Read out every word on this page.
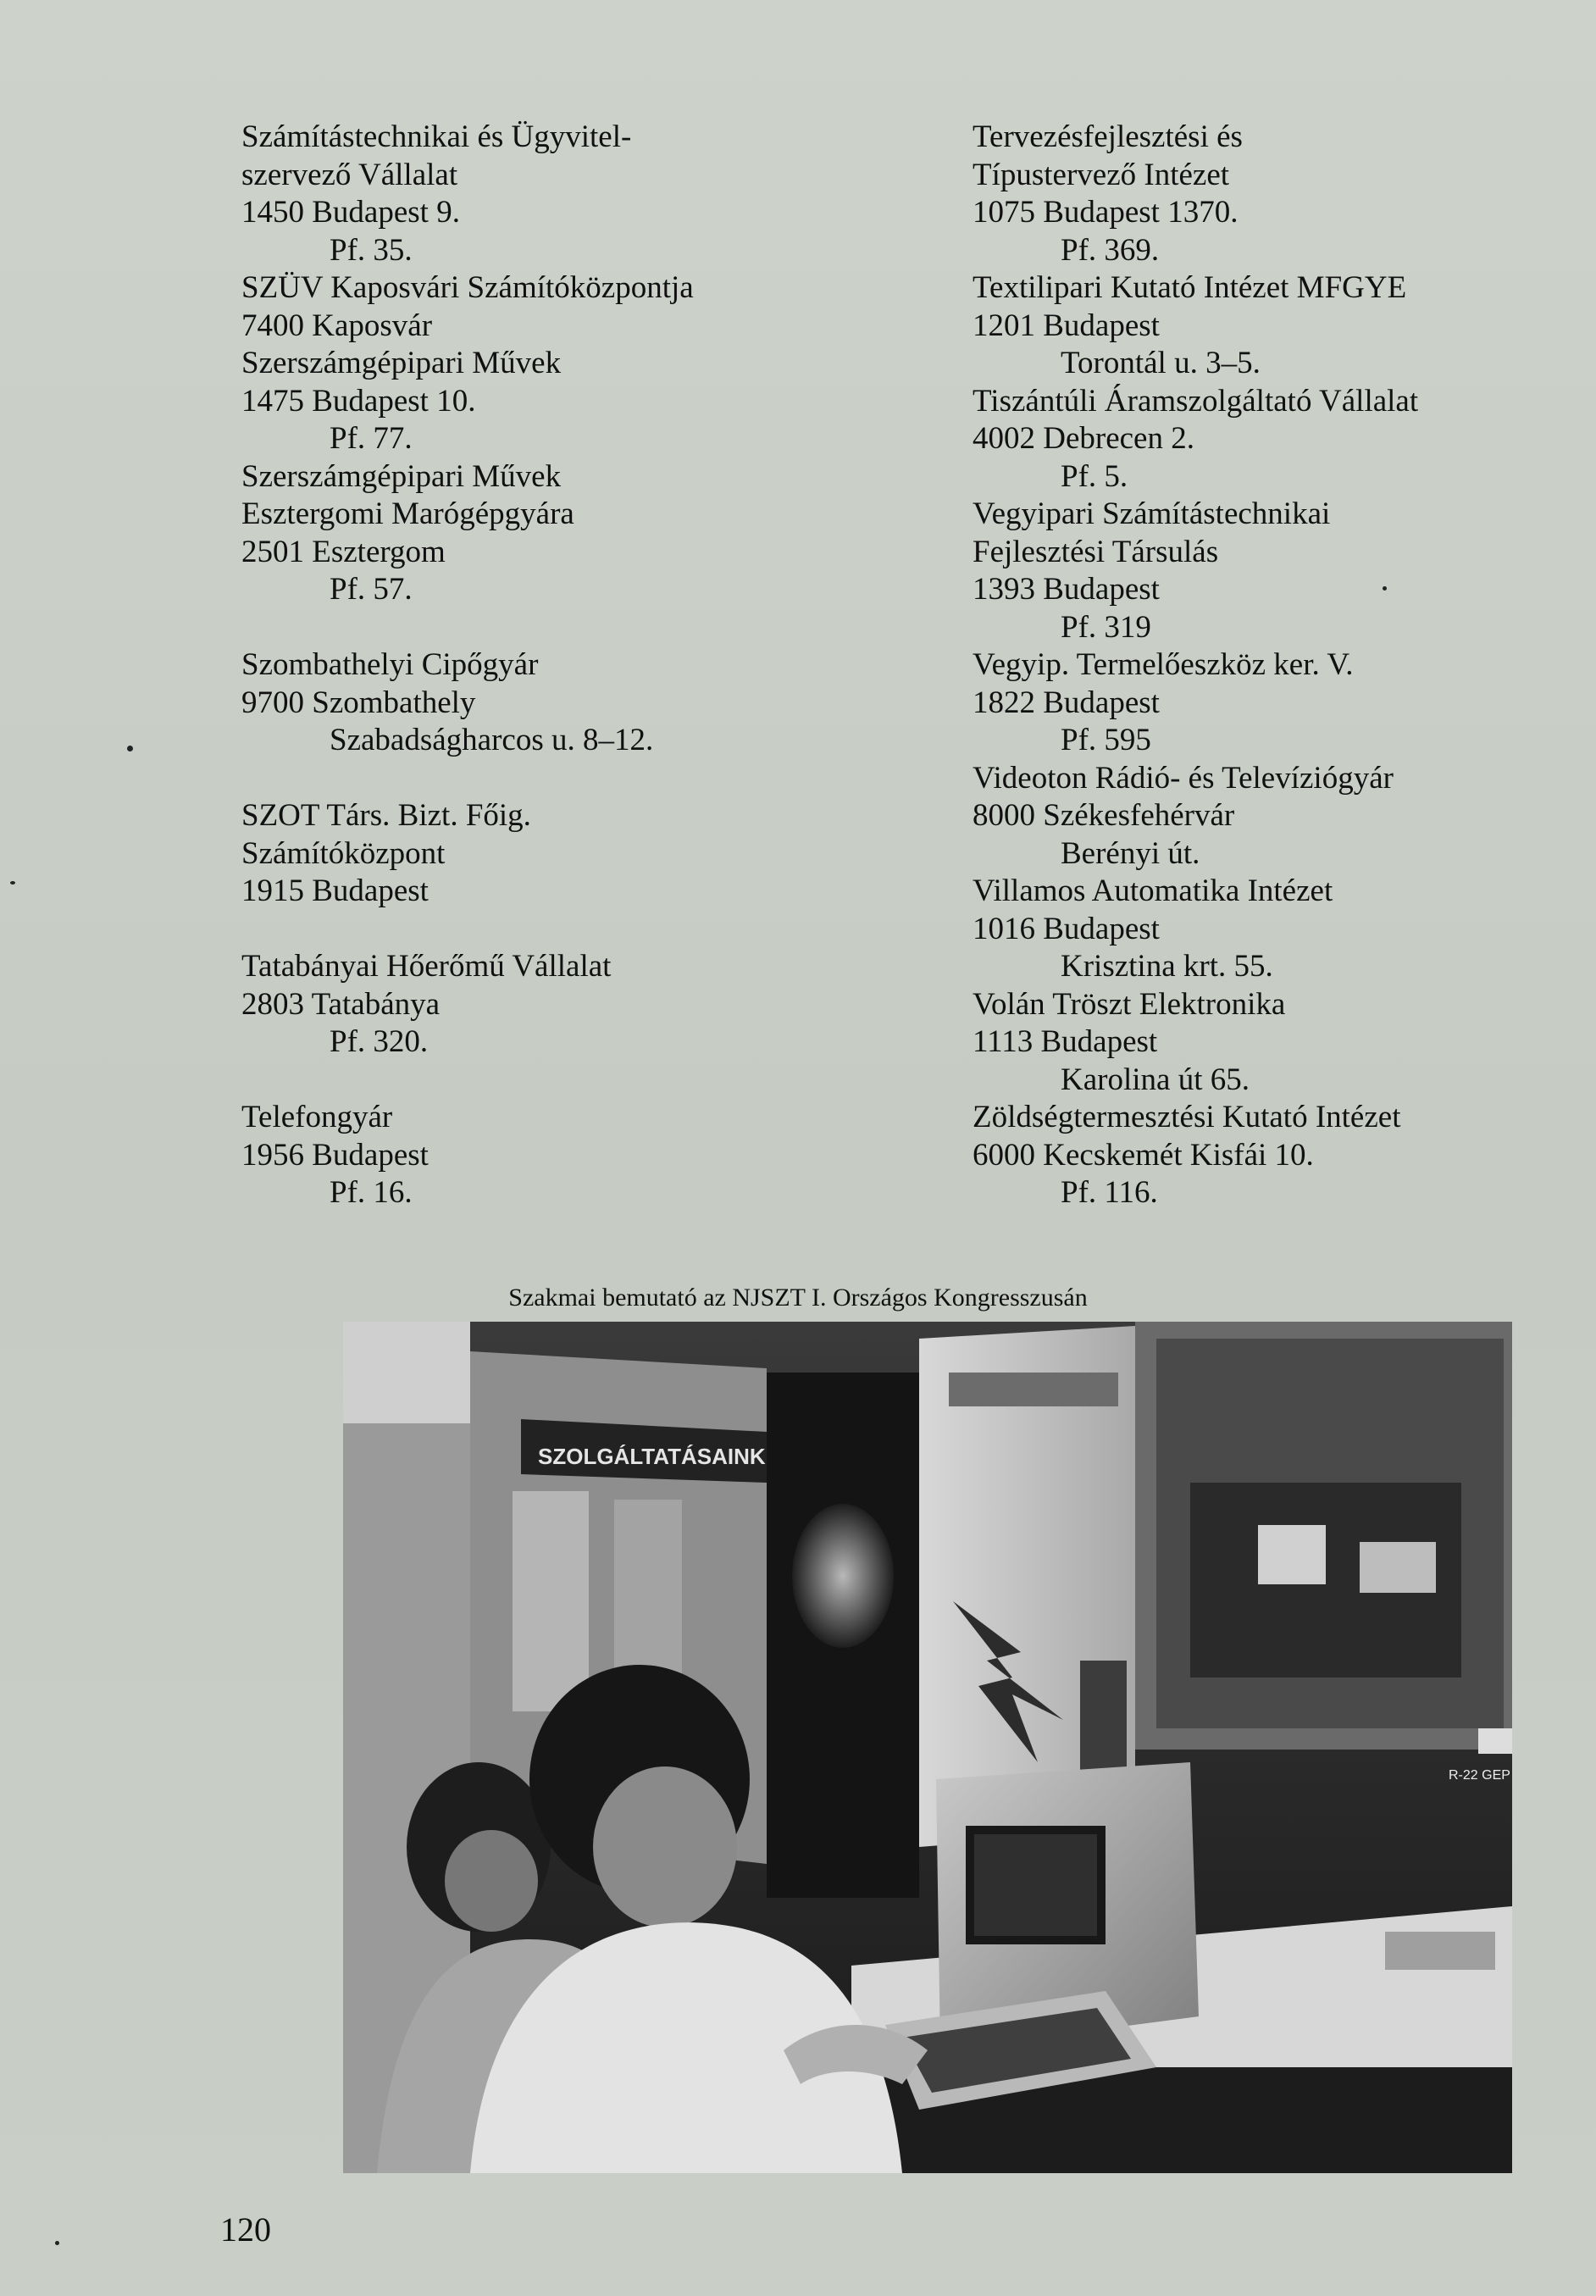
Számítástechnikai és Ügyvitel-
szervező Vállalat
1450 Budapest 9.
Pf. 35.
SZÜV Kaposvári Számítóközpontja
7400 Kaposvár
Szerszámgépipari Művek
1475 Budapest 10.
Pf. 77.
Szerszámgépipari Művek
Esztergomi Marógépgyára
2501 Esztergom
Pf. 57.
Szombathelyi Cipőgyár
9700 Szombathely
Szabadságharcos u. 8–12.
SZOT Társ. Bizt. Főig.
Számítóközpont
1915 Budapest
Tatabányai Hőerőmű Vállalat
2803 Tatabánya
Pf. 320.
Telefongyár
1956 Budapest
Pf. 16.
Tervezésfejlesztési és
Típustervező Intézet
1075 Budapest 1370.
Pf. 369.
Textilipari Kutató Intézet MFGYE
1201 Budapest
Torontál u. 3–5.
Tiszántúli Áramszolgáltató Vállalat
4002 Debrecen 2.
Pf. 5.
Vegyipari Számítástechnikai
Fejlesztési Társulás
1393 Budapest
Pf. 319
Vegyip. Termelőeszköz ker. V.
1822 Budapest
Pf. 595
Videoton Rádió- és Televíziógyár
8000 Székesfehérvár
Berényi út.
Villamos Automatika Intézet
1016 Budapest
Krisztina krt. 55.
Volán Tröszt Elektronika
1113 Budapest
Karolina út 65.
Zöldségtermesztési Kutató Intézet
6000 Kecskemét Kisfái 10.
Pf. 116.
Szakmai bemutató az NJSZT I. Országos Kongresszusán
SZOLGÁLTATÁSAINK
R-22 GEP
120
